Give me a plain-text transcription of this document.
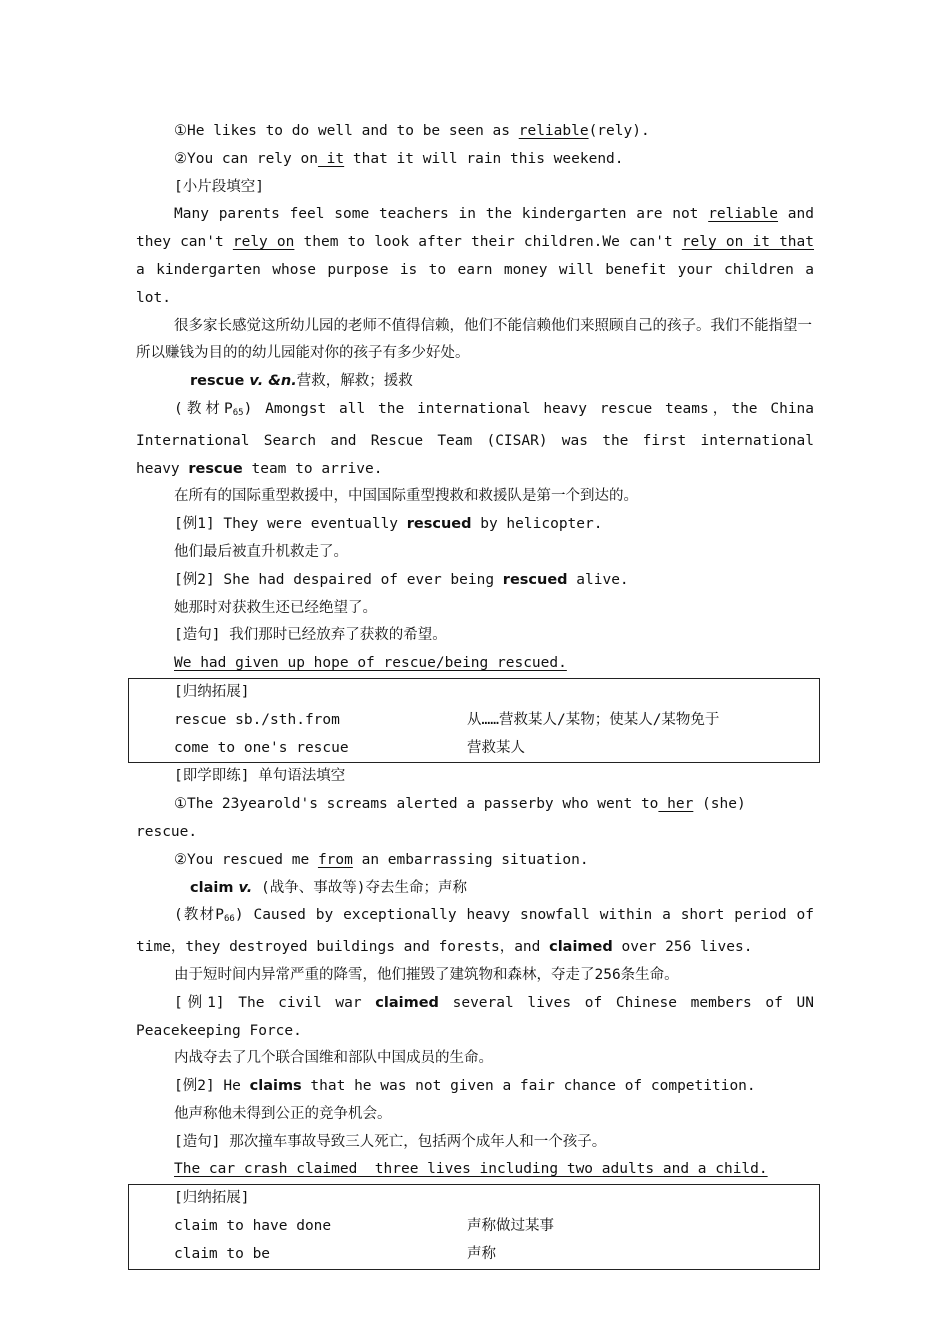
①He likes to do well and to be seen as reliable(rely).

②You can rely on it that it will rain this weekend.

[小片段填空]

Many parents feel some teachers in the kindergarten are not reliable and they can't rely on them to look after their children.We can't rely on it that a kindergarten whose purpose is to earn money will benefit your children a lot.

很多家长感觉这所幼儿园的老师不值得信赖，他们不能信赖他们来照顾自己的孩子。我们不能指望一所以赚钱为目的的幼儿园能对你的孩子有多少好处。

rescue v. &n.营救，解救；援救

(教材$P_{65}$) Amongst all the international heavy rescue teams，the China International Search and Rescue Team (CISAR) was the first international heavy rescue team to arrive.

在所有的国际重型救援中，中国国际重型搜救和救援队是第一个到达的。

[例1] They were eventually rescued by helicopter.

他们最后被直升机救走了。

[例2] She had despaired of ever being rescued alive.

她那时对获救生还已经绝望了。

[造句] 我们那时已经放弃了获救的希望。

We had given up hope of rescue/being rescued.

[归纳拓展]
rescue sb./sth.from	从……营救某人/某物；使某人/某物免于
come to one's rescue	营救某人

[即学即练] 单句语法填空

①The 23yearold's screams alerted a passerby who went to her (she) rescue.

②You rescued me from an embarrassing situation.

claim v. (战争、事故等)夺去生命；声称

(教材$P_{66}$) Caused by exceptionally heavy snowfall within a short period of time，they destroyed buildings and forests，and claimed over 256 lives.

由于短时间内异常严重的降雪，他们摧毁了建筑物和森林，夺走了256条生命。

[例1] The civil war claimed several lives of Chinese members of UN Peacekeeping Force.

内战夺去了几个联合国维和部队中国成员的生命。

[例2] He claims that he was not given a fair chance of competition.

他声称他未得到公正的竞争机会。

[造句] 那次撞车事故导致三人死亡，包括两个成年人和一个孩子。

The car crash claimed  three lives including two adults and a child.

[归纳拓展]
claim to have done	声称做过某事
claim to be	声称
